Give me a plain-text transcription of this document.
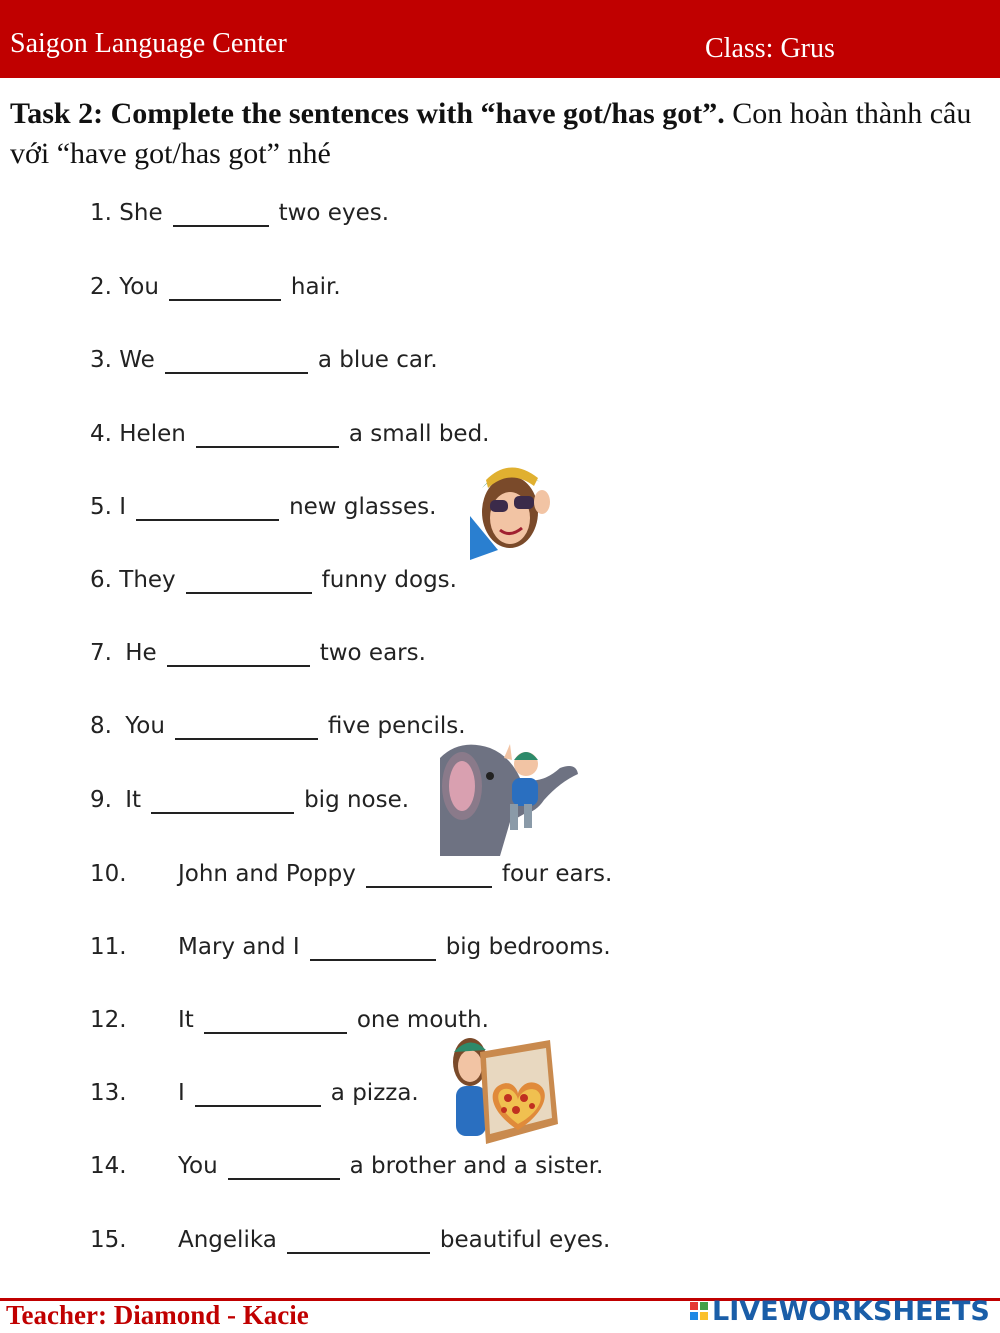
Saigon Language Center	Class: Grus
Task 2: Complete the sentences with “have got/has got”. Con hoàn thành câu với “have got/has got” nhé
1. She	two eyes.
2. You	hair.
3. We	a blue car.
4. Helen	a small bed.
5. I	new glasses.
6. They	funny dogs.
7. He	two ears.
8. You	five pencils.
9. It	big nose.
10. John and Poppy	four ears.
11. Mary and I	big bedrooms.
12. It	one mouth.
13. I	a pizza.
14. You	a brother and a sister.
15. Angelika	beautiful eyes.
Teacher: Diamond - Kacie	LIVEWORKSHEETS
